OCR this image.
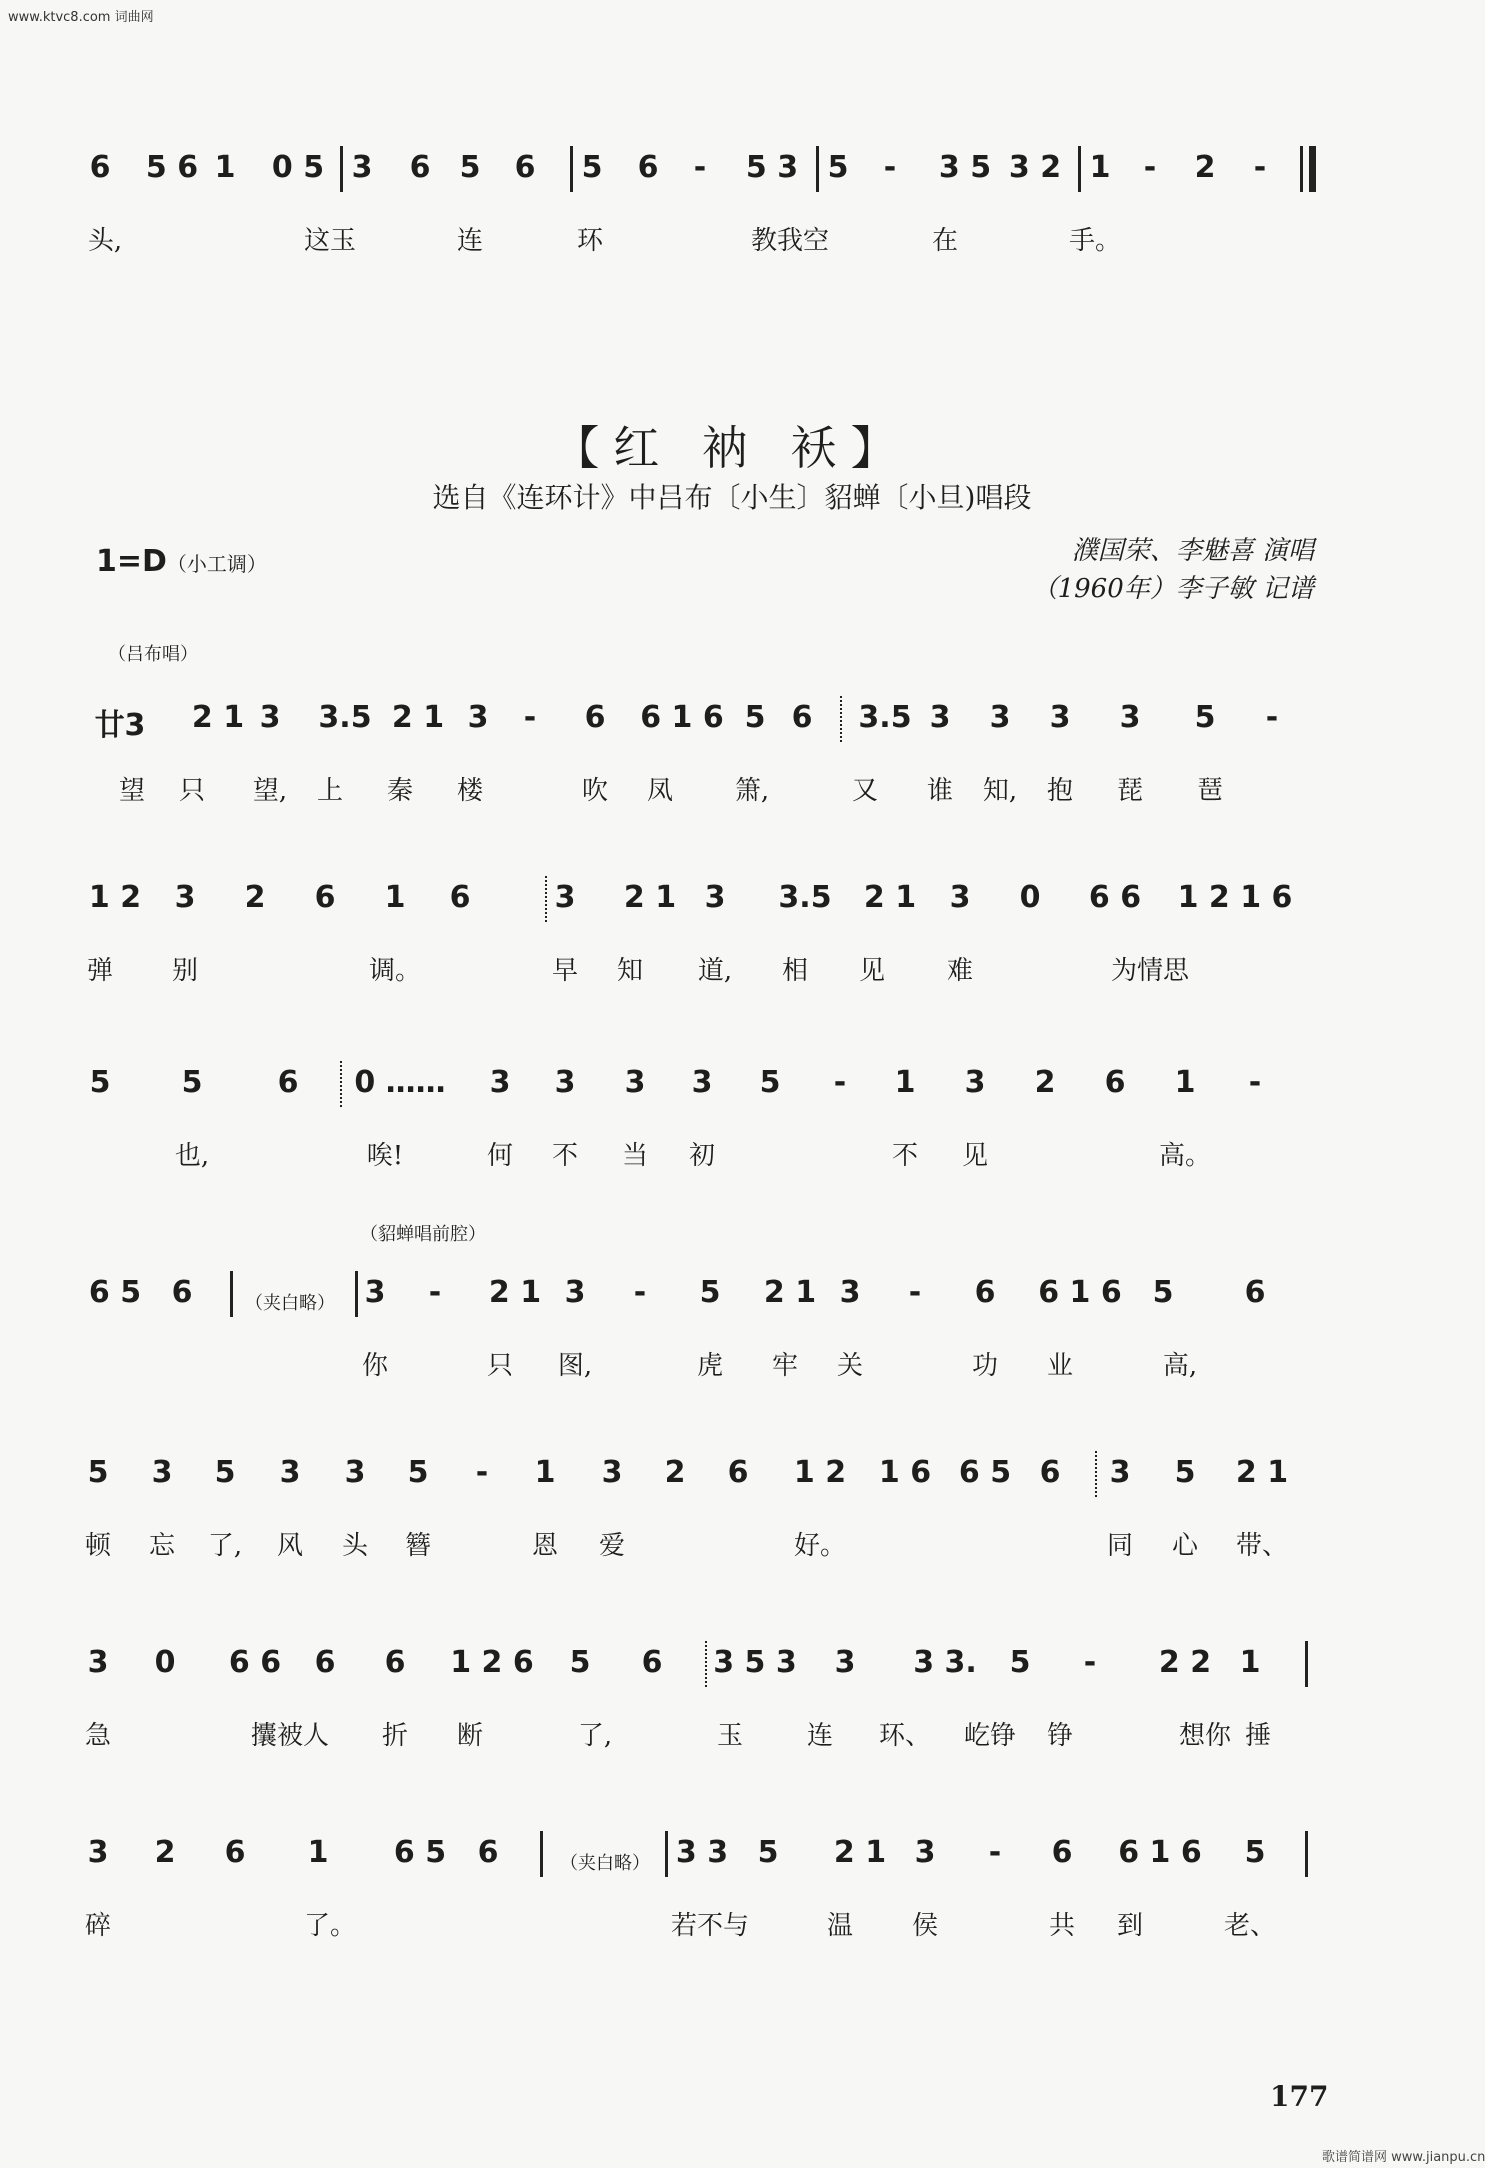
www.ktvc8.com 词曲网
6 5 6 1 0 5 3 6 5 6 5 6 - 5 3 5 - 3 5 3 2 1 - 2 -
头,	这玉	连	环	教我空	在	手。
【红 衲 袄】
选自《连环计》中吕布〔小生〕貂蝉〔小旦)唱段
1=D（小工调）	濮国荣、李魅喜 演唱
（1960年）李子敏 记谱
（吕布唱）
廿3 2 1 3 3.5 2 1 3 - 6 6 1 6 5 6 3.5 3 3 3 3 5 -
望 只 望, 上 秦 楼	吹 凤 箫,	又 谁 知, 抱 琵 琶
1 2 3 2 6 1 6	3 2 1 3 3.5 2 1 3 0 6 6 1 2 1 6
弹 别	调。	早 知 道, 相 见 难	为情思
5 5	6 0 …… 3 3 3 3 5 - 1 3 2 6 1 -
也,	唉!	何 不 当 初	不 见	高。
（貂蝉唱前腔）
6 5 6	（夹白略） 3 - 2 1 3 - 5 2 1 3 - 6 6 1 6 5 6
你	只 图,	虎 牢 关	功 业	高,
5 3 5 3 3 5 - 1 3 2 6 1 2 1 6 6 5 6 3 5 2 1
顿 忘 了, 风 头 簪	恩 爱	好。	同 心 带、
3 0 6 6 6 6 1 2 6 5 6 3 5 3 3 3 3. 5 - 2 2 1
急	攮被人 折 断	了,	玉 连 环、 屹铮 铮	想你 捶
3 2 6 1 6 5 6	（夹白略） 3 3 5 2 1 3 - 6 6 1 6 5
碎	了。	若不与	温 侯	共 到	老、
177
歌谱简谱网 www.jianpu.cn
